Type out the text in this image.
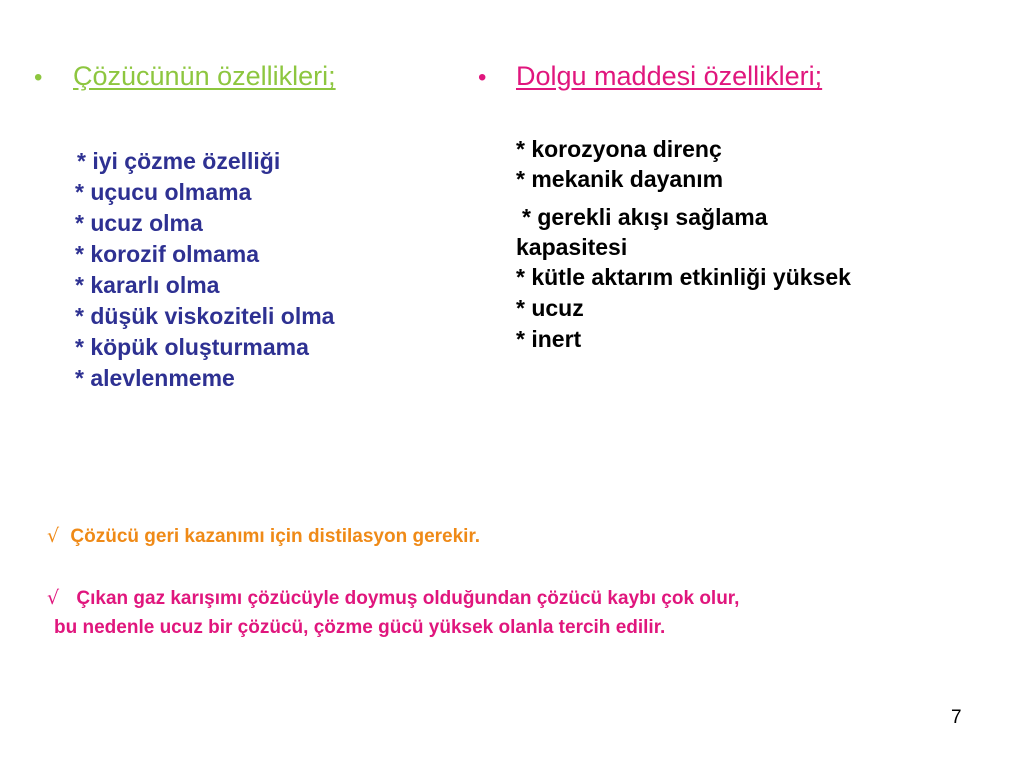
• Çözücünün özellikleri;
* iyi çözme özelliği
* uçucu olmama
* ucuz olma
* korozif olmama
* kararlı olma
* düşük viskoziteli olma
* köpük oluşturmama
* alevlenmeme
• Dolgu maddesi özellikleri;
* korozyona direnç
* mekanik dayanım
* gerekli akışı sağlama
kapasitesi
* kütle aktarım etkinliği yüksek
* ucuz
* inert
√ Çözücü geri kazanımı için distilasyon gerekir.
√ Çıkan gaz karışımı çözücüyle doymuş olduğundan çözücü kaybı çok olur,
bu nedenle ucuz bir çözücü, çözme gücü yüksek olanla tercih edilir.
7
